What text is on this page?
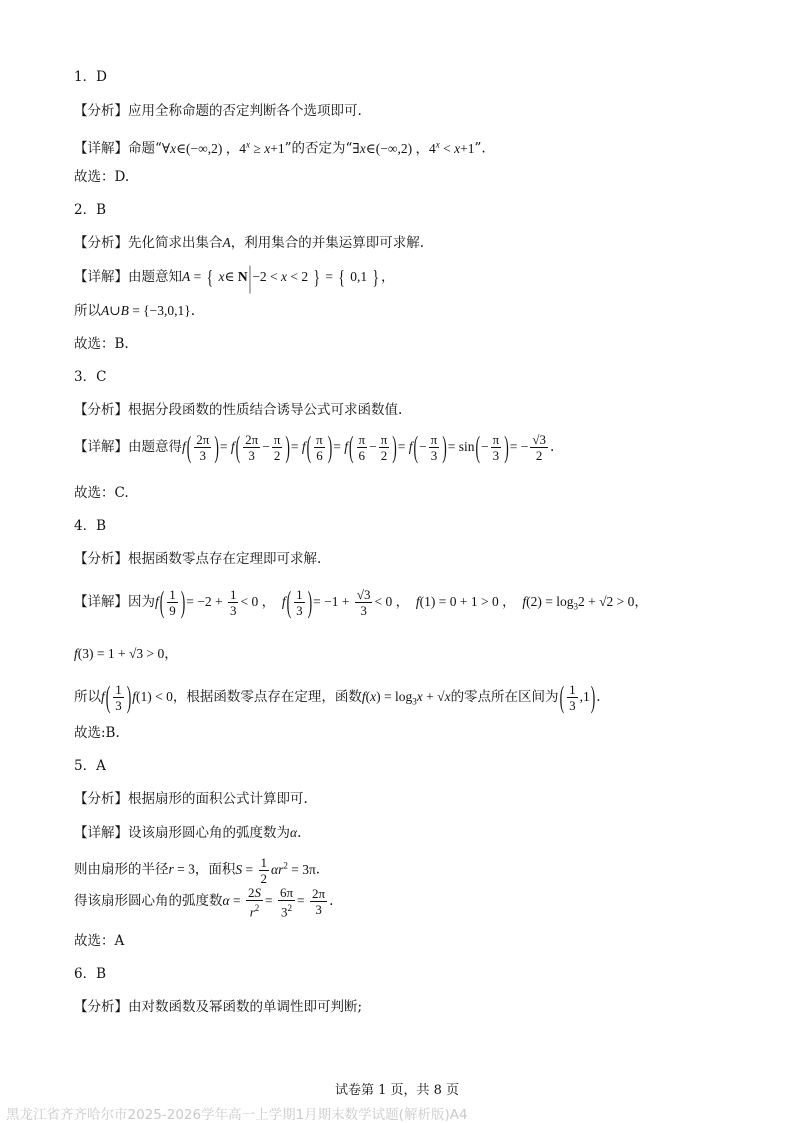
1．D
【分析】应用全称命题的否定判断各个选项即可.
【详解】命题“∀x∈(−∞,2) ，$4^x \ge x+1$”的否定为“∃x∈(−∞,2) ，$4^x < x+1$”.
故选：D.
2．B
【分析】先化简求出集合A，利用集合的并集运算即可求解.
【详解】由题意知A = { x∈ N|−2 < x < 2 } = { 0,1 } ，
所以A∪B = {−3,0,1}.
故选：B.
3．C
【分析】根据分段函数的性质结合诱导公式可求函数值.
【详解】由题意得$f( \frac{2\pi}{3}$ )= $f( \frac{2\pi}{3} - \frac{\pi}{2}$ )= $f( \frac{\pi}{6}$ )= $f( \frac{\pi}{6} - \frac{\pi}{2}$ )= $f(- \frac{\pi}{3}$ )= $\sin(- \frac{\pi}{3}$ )= − $\frac{√3}{2}$ .
故选：C.
4．B
【分析】根据函数零点存在定理即可求解.
【详解】因为$f( \frac{1}{9}$ )= $-2 + \frac{1}{3} < 0$ ，  $f( \frac{1}{3}$ )= $-1 + \frac{√3}{3} < 0$ ，  f(1) = 0 + 1 > 0 ，  $f(2) = \log_32 + √2 > 0$，
f(3) = 1 + √3 > 0，
所以$f( \frac{1}{3} )f(1) < 0$，根据函数零点存在定理，函数$f(x) = \log_3x + √x$的零点所在区间为( $\frac{1}{3} ,1$).
故选:B.
5．A
【分析】根据扇形的面积公式计算即可.
【详解】设该扇形圆心角的弧度数为α.
则由扇形的半径r = 3，面积$S = \frac{1}{2} \alpha r^2 = 3\pi$.
得该扇形圆心角的弧度数$\alpha = \frac{2S}{r^2} = \frac{6\pi}{3^2} = \frac{2\pi}{3}$ .
故选：A
6．B
【分析】由对数函数及幂函数的单调性即可判断;
试卷第 1 页，共 8 页
黑龙江省齐齐哈尔市2025-2026学年高一上学期1月期末数学试题(解析版)A4
